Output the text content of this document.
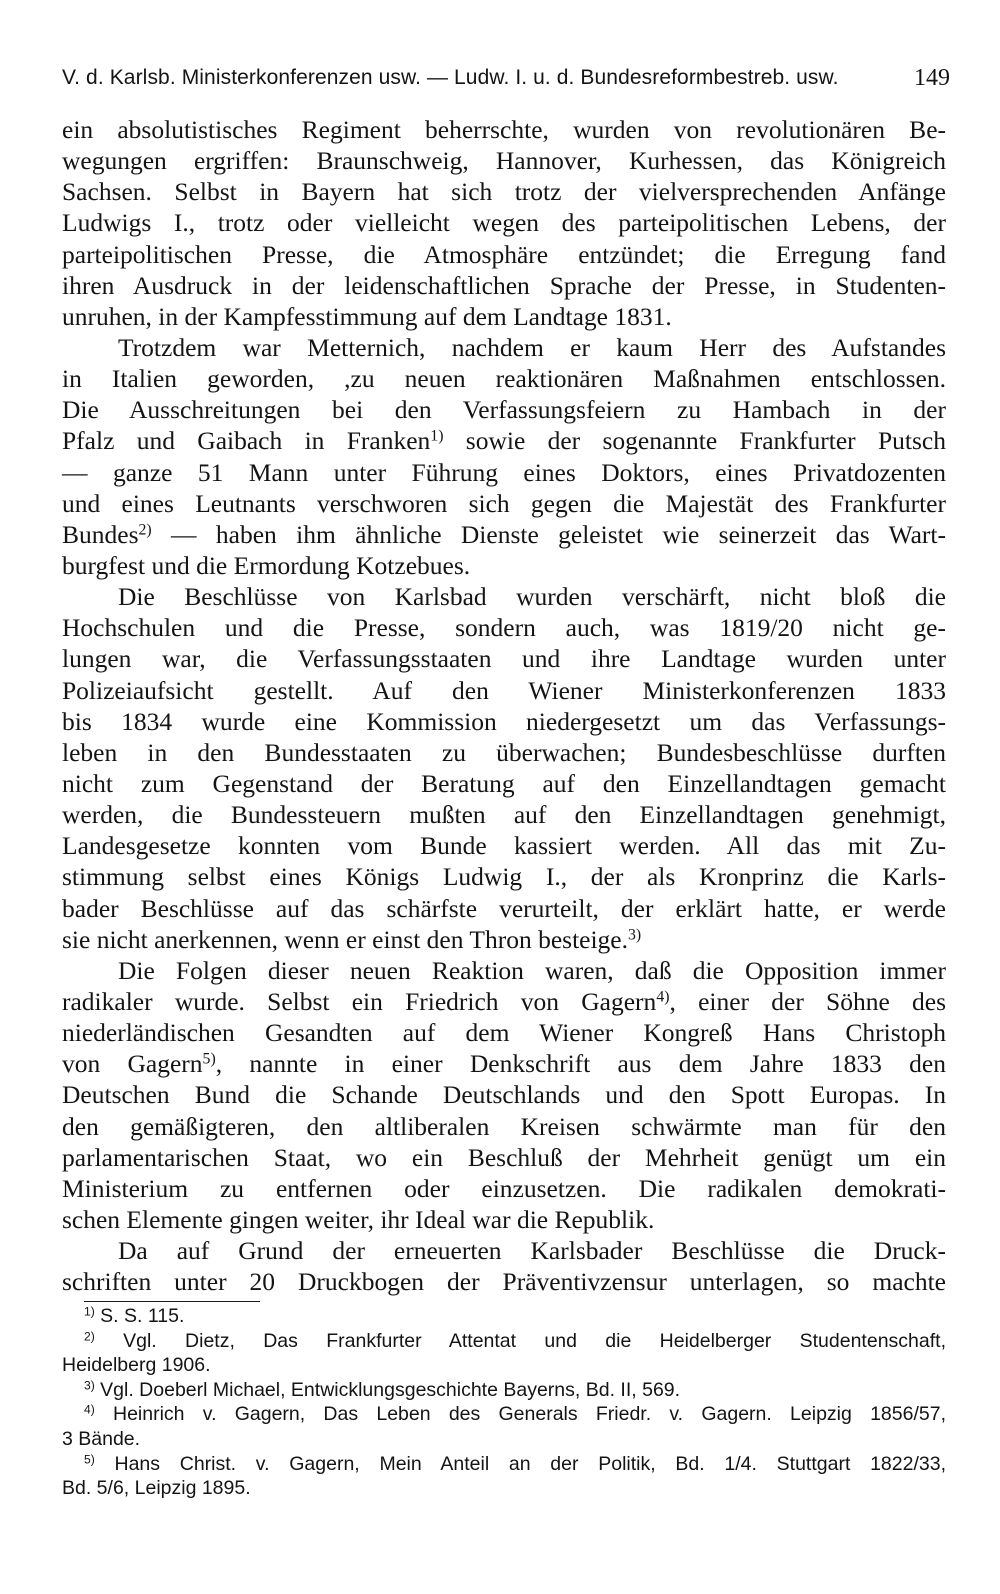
V. d. Karlsb. Ministerkonferenzen usw. — Ludw. I. u. d. Bundesreformbestreb. usw.	149
ein absolutistisches Regiment beherrschte, wurden von revolutionären Be-
wegungen ergriffen: Braunschweig, Hannover, Kurhessen, das Königreich
Sachsen. Selbst in Bayern hat sich trotz der vielversprechenden Anfänge
Ludwigs I., trotz oder vielleicht wegen des parteipolitischen Lebens, der
parteipolitischen Presse, die Atmosphäre entzündet; die Erregung fand
ihren Ausdruck in der leidenschaftlichen Sprache der Presse, in Studenten-
unruhen, in der Kampfesstimmung auf dem Landtage 1831.
Trotzdem war Metternich, nachdem er kaum Herr des Aufstandes
in Italien geworden, ,zu neuen reaktionären Maßnahmen entschlossen.
Die Ausschreitungen bei den Verfassungsfeiern zu Hambach in der
Pfalz und Gaibach in Franken$^{1)}$ sowie der sogenannte Frankfurter Putsch
— ganze 51 Mann unter Führung eines Doktors, eines Privatdozenten
und eines Leutnants verschworen sich gegen die Majestät des Frankfurter
Bundes$^{2)}$ — haben ihm ähnliche Dienste geleistet wie seinerzeit das Wart-
burgfest und die Ermordung Kotzebues.
Die Beschlüsse von Karlsbad wurden verschärft, nicht bloß die
Hochschulen und die Presse, sondern auch, was 1819/20 nicht ge-
lungen war, die Verfassungsstaaten und ihre Landtage wurden unter
Polizeiaufsicht gestellt. Auf den Wiener Ministerkonferenzen 1833
bis 1834 wurde eine Kommission niedergesetzt um das Verfassungs-
leben in den Bundesstaaten zu überwachen; Bundesbeschlüsse durften
nicht zum Gegenstand der Beratung auf den Einzellandtagen gemacht
werden, die Bundessteuern mußten auf den Einzellandtagen genehmigt,
Landesgesetze konnten vom Bunde kassiert werden. All das mit Zu-
stimmung selbst eines Königs Ludwig I., der als Kronprinz die Karls-
bader Beschlüsse auf das schärfste verurteilt, der erklärt hatte, er werde
sie nicht anerkennen, wenn er einst den Thron besteige.$^{3)}$
Die Folgen dieser neuen Reaktion waren, daß die Opposition immer
radikaler wurde. Selbst ein Friedrich von Gagern$^{4)}$, einer der Söhne des
niederländischen Gesandten auf dem Wiener Kongreß Hans Christoph
von Gagern$^{5)}$, nannte in einer Denkschrift aus dem Jahre 1833 den
Deutschen Bund die Schande Deutschlands und den Spott Europas. In
den gemäßigteren, den altliberalen Kreisen schwärmte man für den
parlamentarischen Staat, wo ein Beschluß der Mehrheit genügt um ein
Ministerium zu entfernen oder einzusetzen. Die radikalen demokrati-
schen Elemente gingen weiter, ihr Ideal war die Republik.
Da auf Grund der erneuerten Karlsbader Beschlüsse die Druck-
schriften unter 20 Druckbogen der Präventivzensur unterlagen, so machte
$^{1)}$ S. S. 115.
$^{2)}$ Vgl. Dietz, Das Frankfurter Attentat und die Heidelberger Studentenschaft,
Heidelberg 1906.
$^{3)}$ Vgl. Doeberl Michael, Entwicklungsgeschichte Bayerns, Bd. II, 569.
$^{4)}$ Heinrich v. Gagern, Das Leben des Generals Friedr. v. Gagern. Leipzig 1856/57,
3 Bände.
$^{5)}$ Hans Christ. v. Gagern, Mein Anteil an der Politik, Bd. 1/4. Stuttgart 1822/33,
Bd. 5/6, Leipzig 1895.
